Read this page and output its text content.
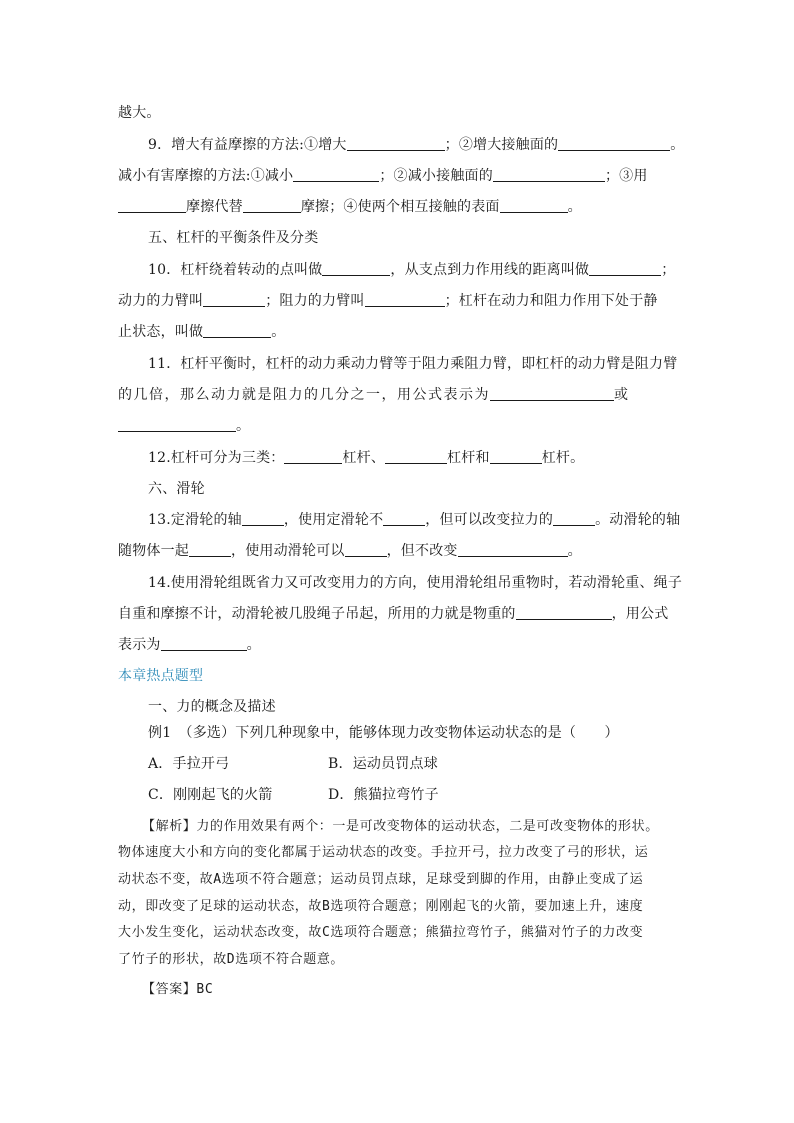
越大。
9．增大有益摩擦的方法:①增大	；②增大接触面的	。
减小有害摩擦的方法:①减小	；②减小接触面的	；③用
摩擦代替	摩擦；④使两个相互接触的表面	。
五、杠杆的平衡条件及分类
10．杠杆绕着转动的点叫做	，从支点到力作用线的距离叫做	；
动力的力臂叫	；阻力的力臂叫	；杠杆在动力和阻力作用下处于静
止状态，叫做	。
11．杠杆平衡时，杠杆的动力乘动力臂等于阻力乘阻力臂，即杠杆的动力臂是阻力臂
的几倍，那么动力就是阻力的几分之一，用公式表示为	或
。
12.杠杆可分为三类：	杠杆、	杠杆和	杠杆。
六、滑轮
13.定滑轮的轴	，使用定滑轮不	，但可以改变拉力的	。动滑轮的轴
随物体一起	，使用动滑轮可以	，但不改变	。
14.使用滑轮组既省力又可改变用力的方向，使用滑轮组吊重物时，若动滑轮重、绳子
自重和摩擦不计，动滑轮被几股绳子吊起，所用的力就是物重的	，用公式
表示为	。
本章热点题型
一、力的概念及描述
例1　（多选）下列几种现象中，能够体现力改变物体运动状态的是（　　）
A．手拉开弓	B．运动员罚点球
C．刚刚起飞的火箭	D．熊猫拉弯竹子
【解析】力的作用效果有两个：一是可改变物体的运动状态，二是可改变物体的形状。
物体速度大小和方向的变化都属于运动状态的改变。手拉开弓，拉力改变了弓的形状，运
动状态不变，故A选项不符合题意；运动员罚点球，足球受到脚的作用，由静止变成了运
动，即改变了足球的运动状态，故B选项符合题意；刚刚起飞的火箭，要加速上升，速度
大小发生变化，运动状态改变，故C选项符合题意；熊猫拉弯竹子，熊猫对竹子的力改变
了竹子的形状，故D选项不符合题意。
【答案】BC
